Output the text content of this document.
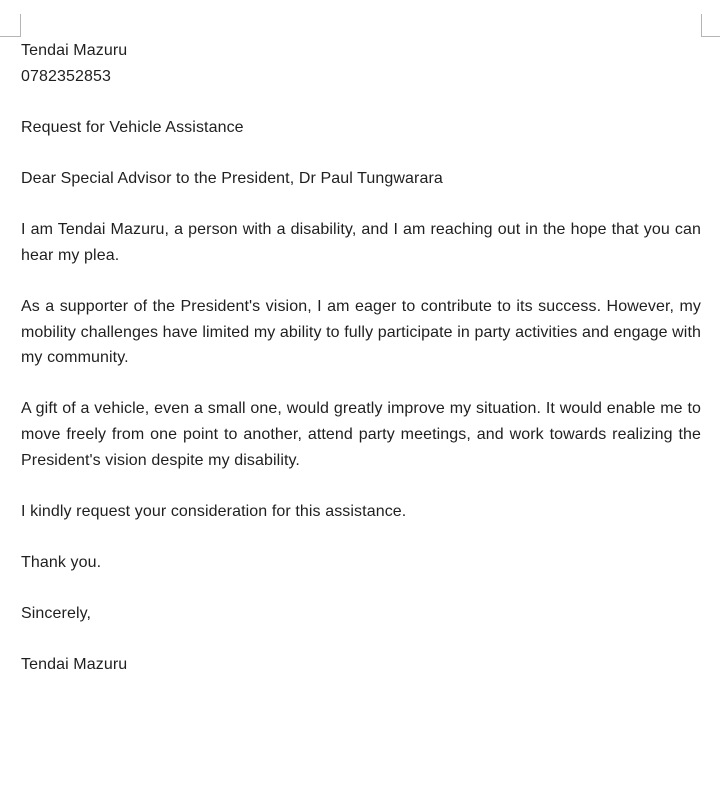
Tendai Mazuru

0782352853

Request for Vehicle Assistance

Dear Special Advisor to the President, Dr Paul Tungwarara

I am Tendai Mazuru, a person with a disability, and I am reaching out in the hope that you can hear my plea.

As a supporter of the President's vision, I am eager to contribute to its success. However, my mobility challenges have limited my ability to fully participate in party activities and engage with my community.

A gift of a vehicle, even a small one, would greatly improve my situation. It would enable me to move freely from one point to another, attend party meetings, and work towards realizing the President's vision despite my disability.

I kindly request your consideration for this assistance.

Thank you.

Sincerely,

Tendai Mazuru
